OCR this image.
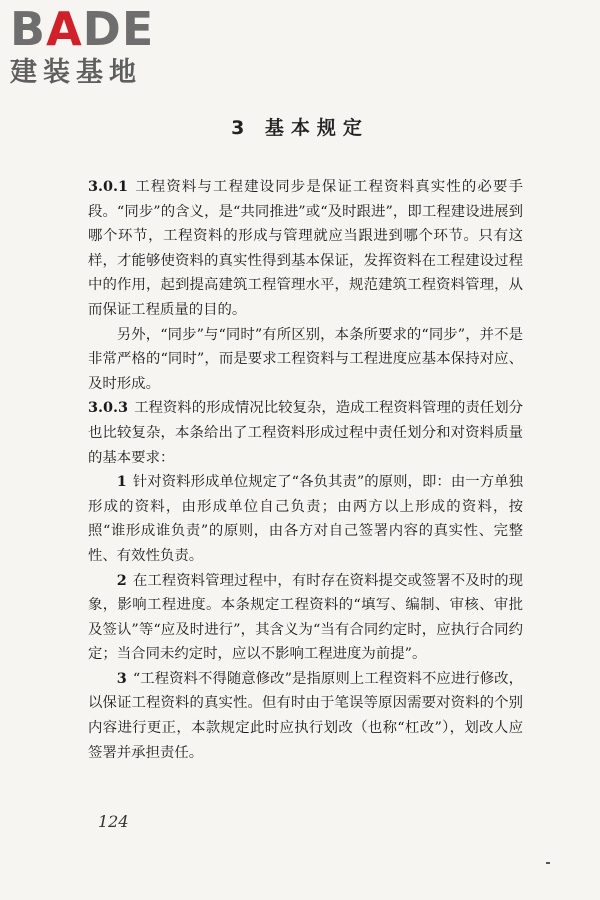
BADE
建装基地
3 基本规定

3.0.1 工程资料与工程建设同步是保证工程资料真实性的必要手段。“同步”的含义，是“共同推进”或“及时跟进”，即工程建设进展到哪个环节，工程资料的形成与管理就应当跟进到哪个环节。只有这样，才能够使资料的真实性得到基本保证，发挥资料在工程建设过程中的作用，起到提高建筑工程管理水平，规范建筑工程资料管理，从而保证工程质量的目的。

另外，“同步”与“同时”有所区别，本条所要求的“同步”，并不是非常严格的“同时”，而是要求工程资料与工程进度应基本保持对应、及时形成。

3.0.3 工程资料的形成情况比较复杂，造成工程资料管理的责任划分也比较复杂，本条给出了工程资料形成过程中责任划分和对资料质量的基本要求：

1 针对资料形成单位规定了“各负其责”的原则，即：由一方单独形成的资料，由形成单位自己负责；由两方以上形成的资料，按照“谁形成谁负责”的原则，由各方对自己签署内容的真实性、完整性、有效性负责。

2 在工程资料管理过程中，有时存在资料提交或签署不及时的现象，影响工程进度。本条规定工程资料的“填写、编制、审核、审批及签认”等“应及时进行”，其含义为“当有合同约定时，应执行合同约定；当合同未约定时，应以不影响工程进度为前提”。

3 “工程资料不得随意修改”是指原则上工程资料不应进行修改，以保证工程资料的真实性。但有时由于笔误等原因需要对资料的个别内容进行更正，本款规定此时应执行划改（也称“杠改”），划改人应签署并承担责任。

124
